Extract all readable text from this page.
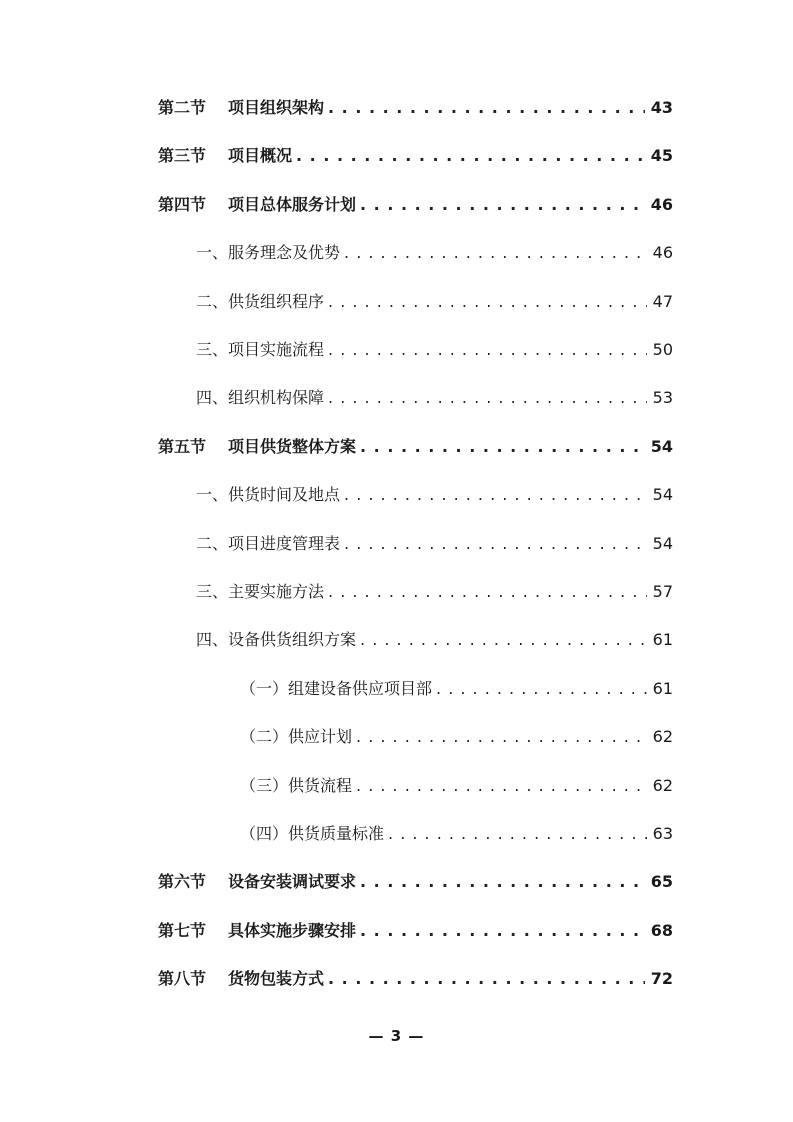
第二节 项目组织架构 . . .	43
第三节 项目概况 . . .	45
第四节 项目总体服务计划 . . .	46
一、服务理念及优势 . . .	46
二、供货组织程序 . . .	47
三、项目实施流程 . . .	50
四、组织机构保障 . . .	53
第五节 项目供货整体方案 . . .	54
一、供货时间及地点 . . .	54
二、项目进度管理表 . . .	54
三、主要实施方法 . . .	57
四、设备供货组织方案 . . .	61
（一）组建设备供应项目部 . . .	61
（二）供应计划 . . .	62
（三）供货流程 . . .	62
（四）供货质量标准 . . .	63
第六节 设备安装调试要求 . . .	65
第七节 具体实施步骤安排 . . .	68
第八节 货物包装方式 . . .	72
— 3 —
